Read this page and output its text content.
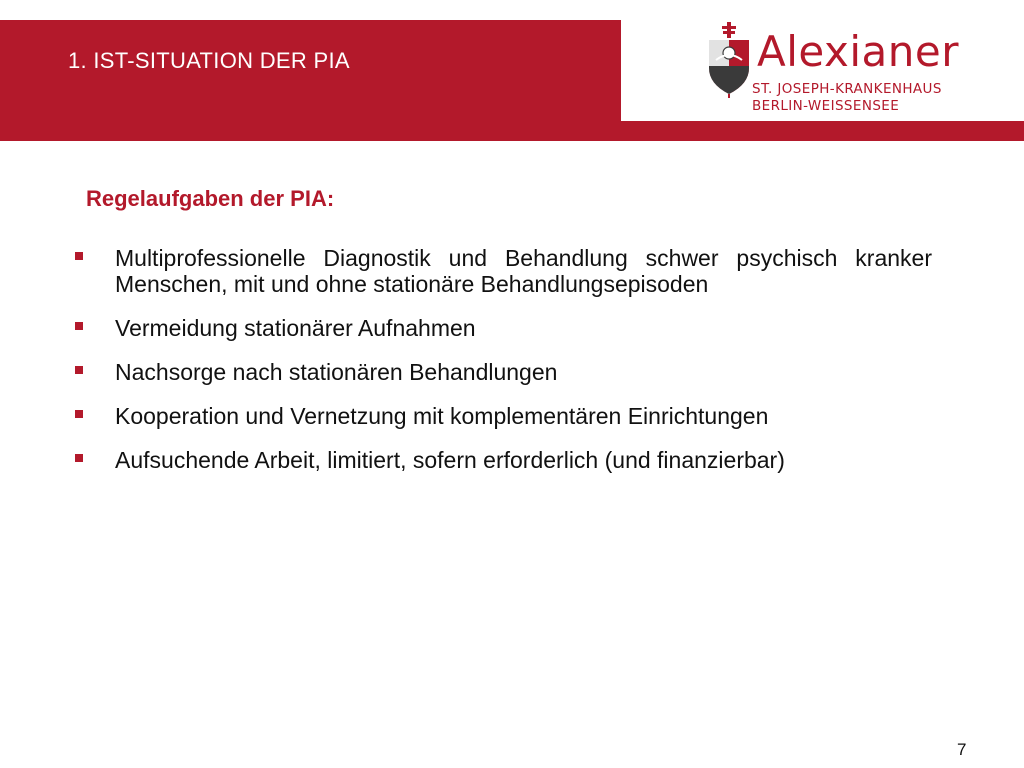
1. IST-SITUATION DER PIA	Alexianer
ST. JOSEPH-KRANKENHAUS
BERLIN-WEISSENSEE
Regelaufgaben der PIA:
Multiprofessionelle Diagnostik und Behandlung schwer psychisch kranker Menschen, mit und ohne stationäre Behandlungsepisoden
Vermeidung stationärer Aufnahmen
Nachsorge nach stationären Behandlungen
Kooperation und Vernetzung mit komplementären Einrichtungen
Aufsuchende Arbeit, limitiert, sofern erforderlich (und finanzierbar)
7
